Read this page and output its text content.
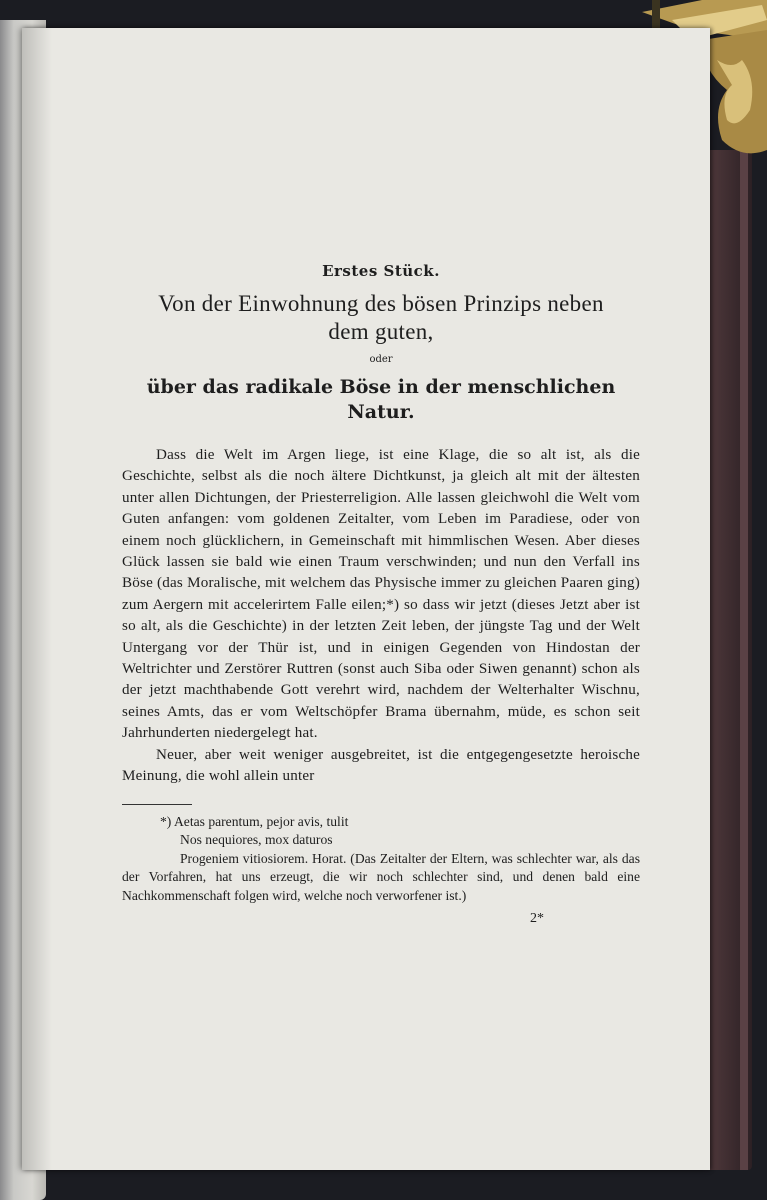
Erstes Stück.
Von der Einwohnung des bösen Prinzips neben
dem guten,
oder
über das radikale Böse in der menschlichen
Natur.

Dass die Welt im Argen liege, ist eine Klage, die so alt ist, als die Geschichte, selbst als die noch ältere Dichtkunst, ja gleich alt mit der ältesten unter allen Dichtungen, der Priesterreligion. Alle lassen gleichwohl die Welt vom Guten anfangen: vom goldenen Zeitalter, vom Leben im Paradiese, oder von einem noch glücklichern, in Gemeinschaft mit himmlischen Wesen. Aber dieses Glück lassen sie bald wie einen Traum verschwinden; und nun den Verfall ins Böse (das Moralische, mit welchem das Physische immer zu gleichen Paaren ging) zum Aergern mit accelerirtem Falle eilen;*) so dass wir jetzt (dieses Jetzt aber ist so alt, als die Geschichte) in der letzten Zeit leben, der jüngste Tag und der Welt Untergang vor der Thür ist, und in einigen Gegenden von Hindostan der Weltrichter und Zerstörer Ruttren (sonst auch Siba oder Siwen genannt) schon als der jetzt machthabende Gott verehrt wird, nachdem der Welterhalter Wischnu, seines Amts, das er vom Weltschöpfer Brama übernahm, müde, es schon seit Jahrhunderten niedergelegt hat.

Neuer, aber weit weniger ausgebreitet, ist die entgegengesetzte heroische Meinung, die wohl allein unter

*) Aetas parentum, pejor avis, tulit
Nos nequiores, mox daturos

Progeniem vitiosiorem. Horat. (Das Zeitalter der Eltern, was schlechter war, als das der Vorfahren, hat uns erzeugt, die wir noch schlechter sind, und denen bald eine Nachkommenschaft folgen wird, welche noch verworfener ist.)

2*
